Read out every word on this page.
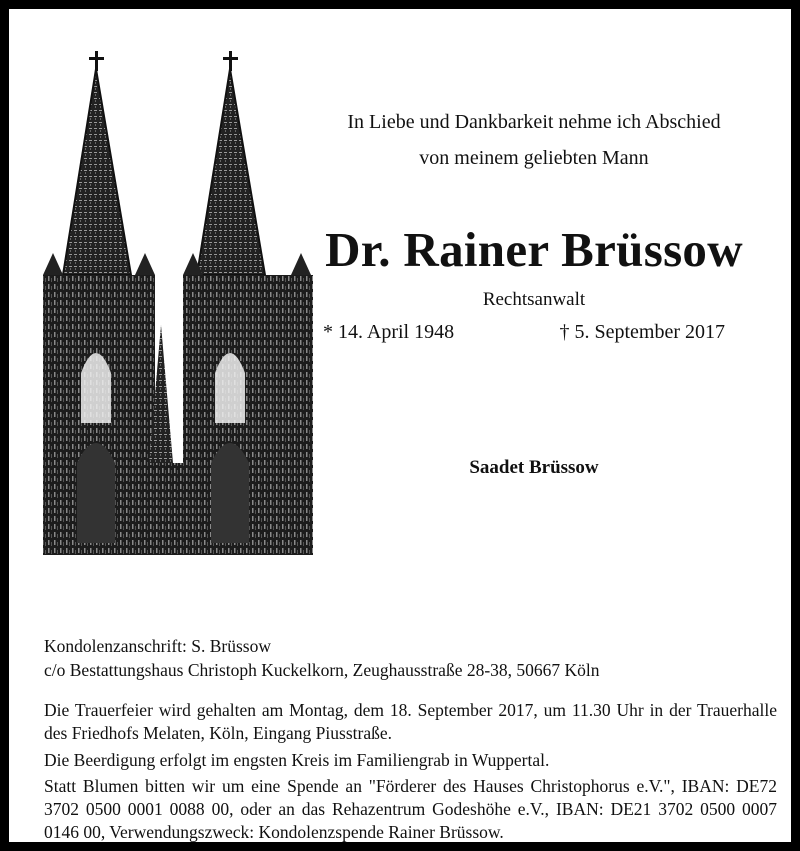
In Liebe und Dankbarkeit nehme ich Abschied
von meinem geliebten Mann
Dr. Rainer Brüssow
Rechtsanwalt
* 14. April 1948	† 5. September 2017
Saadet Brüssow
Kondolenzanschrift: S. Brüssow
c/o Bestattungshaus Christoph Kuckelkorn, Zeughausstraße 28-38, 50667 Köln
Die Trauerfeier wird gehalten am Montag, dem 18. September 2017, um 11.30 Uhr in der Trauerhalle des Friedhofs Melaten, Köln, Eingang Piusstraße.
Die Beerdigung erfolgt im engsten Kreis im Familiengrab in Wuppertal.
Statt Blumen bitten wir um eine Spende an "Förderer des Hauses Christophorus e.V.", IBAN: DE72 3702 0500 0001 0088 00, oder an das Rehazentrum Godeshöhe e.V., IBAN: DE21 3702 0500 0007 0146 00, Verwendungszweck: Kondolenzspende Rainer Brüssow.
